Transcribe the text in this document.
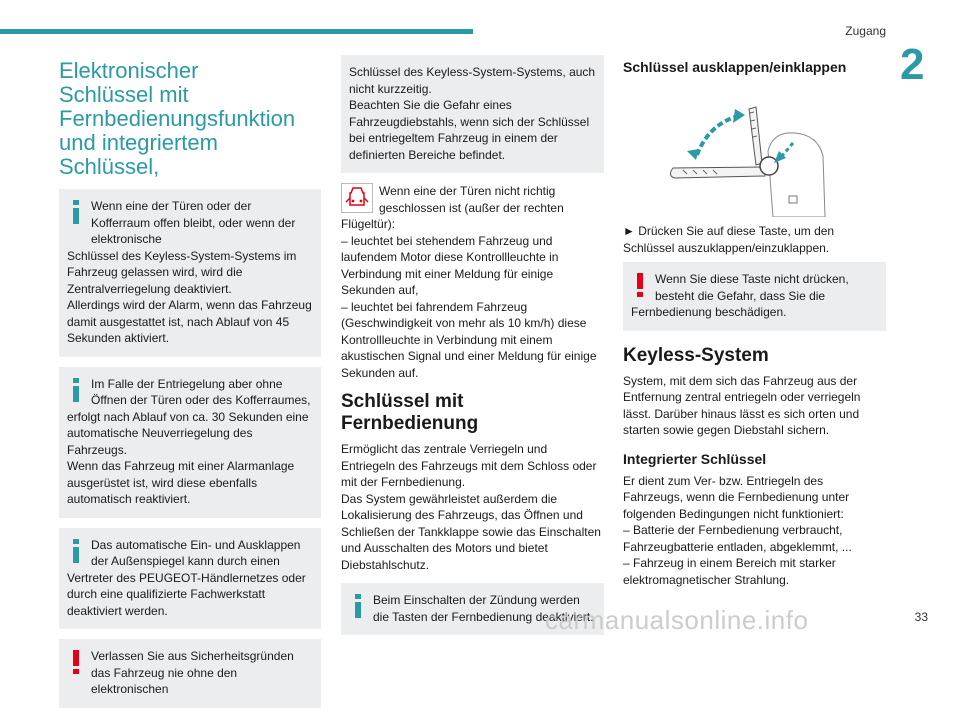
Zugang
2
Elektronischer
Schlüssel mit
Fernbedienungsfunktion
und integriertem Schlüssel,
Wenn eine der Türen oder der Kofferraum offen bleibt, oder wenn der elektronische
Schlüssel des Keyless-System-Systems im Fahrzeug gelassen wird, wird die Zentralverriegelung deaktiviert.
Allerdings wird der Alarm, wenn das Fahrzeug damit ausgestattet ist, nach Ablauf von 45 Sekunden aktiviert.
Im Falle der Entriegelung aber ohne Öffnen der Türen oder des Kofferraumes,
erfolgt nach Ablauf von ca. 30 Sekunden eine automatische Neuverriegelung des Fahrzeugs.
Wenn das Fahrzeug mit einer Alarmanlage ausgerüstet ist, wird diese ebenfalls automatisch reaktiviert.
Das automatische Ein- und Ausklappen der Außenspiegel kann durch einen
Vertreter des PEUGEOT-Händlernetzes oder durch eine qualifizierte Fachwerkstatt deaktiviert werden.
Verlassen Sie aus Sicherheitsgründen das Fahrzeug nie ohne den elektronischen
Schlüssel des Keyless-System-Systems, auch nicht kurzzeitig.
Beachten Sie die Gefahr eines Fahrzeugdiebstahls, wenn sich der Schlüssel bei entriegeltem Fahrzeug in einem der definierten Bereiche befindet.
Wenn eine der Türen nicht richtig geschlossen ist (außer der rechten
Flügeltür):
– leuchtet bei stehendem Fahrzeug und laufendem Motor diese Kontrollleuchte in Verbindung mit einer Meldung für einige Sekunden auf,
– leuchtet bei fahrendem Fahrzeug (Geschwindigkeit von mehr als 10 km/h) diese Kontrollleuchte in Verbindung mit einem akustischen Signal und einer Meldung für einige Sekunden auf.
Schlüssel mit Fernbedienung
Ermöglicht das zentrale Verriegeln und Entriegeln des Fahrzeugs mit dem Schloss oder mit der Fernbedienung.
Das System gewährleistet außerdem die Lokalisierung des Fahrzeugs, das Öffnen und Schließen der Tankklappe sowie das Einschalten und Ausschalten des Motors und bietet Diebstahlschutz.
Beim Einschalten der Zündung werden die Tasten der Fernbedienung deaktiviert.
Schlüssel ausklappen/einklappen
► Drücken Sie auf diese Taste, um den Schlüssel auszuklappen/einzuklappen.
Wenn Sie diese Taste nicht drücken, besteht die Gefahr, dass Sie die
Fernbedienung beschädigen.
Keyless-System
System, mit dem sich das Fahrzeug aus der Entfernung zentral entriegeln oder verriegeln lässt. Darüber hinaus lässt es sich orten und starten sowie gegen Diebstahl sichern.
Integrierter Schlüssel
Er dient zum Ver- bzw. Entriegeln des Fahrzeugs, wenn die Fernbedienung unter folgenden Bedingungen nicht funktioniert:
– Batterie der Fernbedienung verbraucht, Fahrzeugbatterie entladen, abgeklemmt, ...
– Fahrzeug in einem Bereich mit starker elektromagnetischer Strahlung.
carmanualsonline.info	33
